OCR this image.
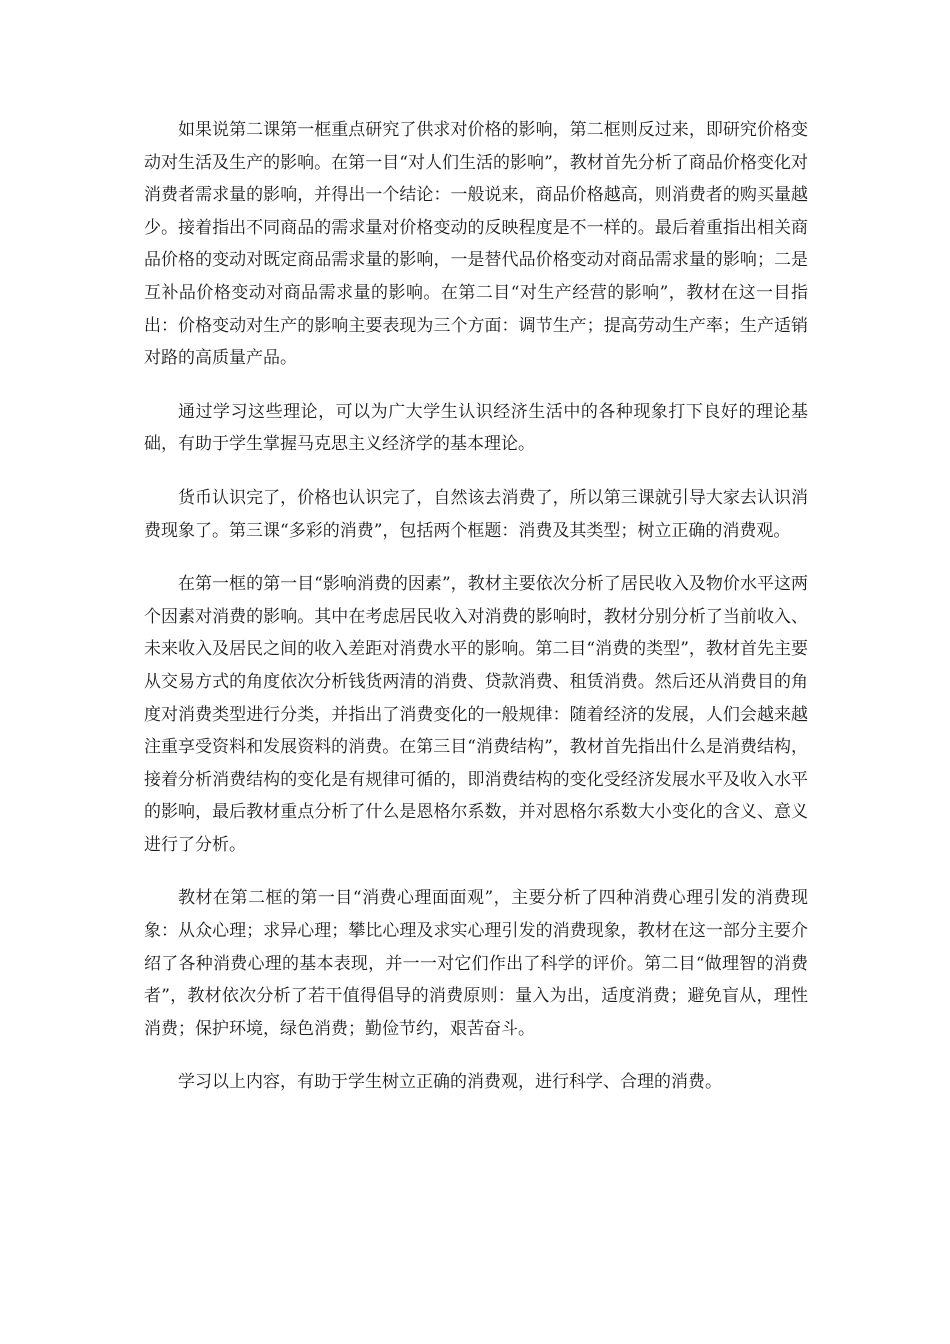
如果说第二课第一框重点研究了供求对价格的影响，第二框则反过来，即研究价格变动对生活及生产的影响。在第一目“对人们生活的影响”，教材首先分析了商品价格变化对消费者需求量的影响，并得出一个结论：一般说来，商品价格越高，则消费者的购买量越少。接着指出不同商品的需求量对价格变动的反映程度是不一样的。最后着重指出相关商品价格的变动对既定商品需求量的影响，一是替代品价格变动对商品需求量的影响；二是互补品价格变动对商品需求量的影响。在第二目“对生产经营的影响”，教材在这一目指出：价格变动对生产的影响主要表现为三个方面：调节生产；提高劳动生产率；生产适销对路的高质量产品。

通过学习这些理论，可以为广大学生认识经济生活中的各种现象打下良好的理论基础，有助于学生掌握马克思主义经济学的基本理论。

货币认识完了，价格也认识完了，自然该去消费了，所以第三课就引导大家去认识消费现象了。第三课“多彩的消费”，包括两个框题：消费及其类型；树立正确的消费观。

在第一框的第一目“影响消费的因素”，教材主要依次分析了居民收入及物价水平这两个因素对消费的影响。其中在考虑居民收入对消费的影响时，教材分别分析了当前收入、未来收入及居民之间的收入差距对消费水平的影响。第二目“消费的类型”，教材首先主要从交易方式的角度依次分析钱货两清的消费、贷款消费、租赁消费。然后还从消费目的角度对消费类型进行分类，并指出了消费变化的一般规律：随着经济的发展，人们会越来越注重享受资料和发展资料的消费。在第三目“消费结构”，教材首先指出什么是消费结构，接着分析消费结构的变化是有规律可循的，即消费结构的变化受经济发展水平及收入水平的影响，最后教材重点分析了什么是恩格尔系数，并对恩格尔系数大小变化的含义、意义进行了分析。

教材在第二框的第一目“消费心理面面观”，主要分析了四种消费心理引发的消费现象：从众心理；求异心理；攀比心理及求实心理引发的消费现象，教材在这一部分主要介绍了各种消费心理的基本表现，并一一对它们作出了科学的评价。第二目“做理智的消费者”，教材依次分析了若干值得倡导的消费原则：量入为出，适度消费；避免盲从，理性消费；保护环境，绿色消费；勤俭节约，艰苦奋斗。

学习以上内容，有助于学生树立正确的消费观，进行科学、合理的消费。
